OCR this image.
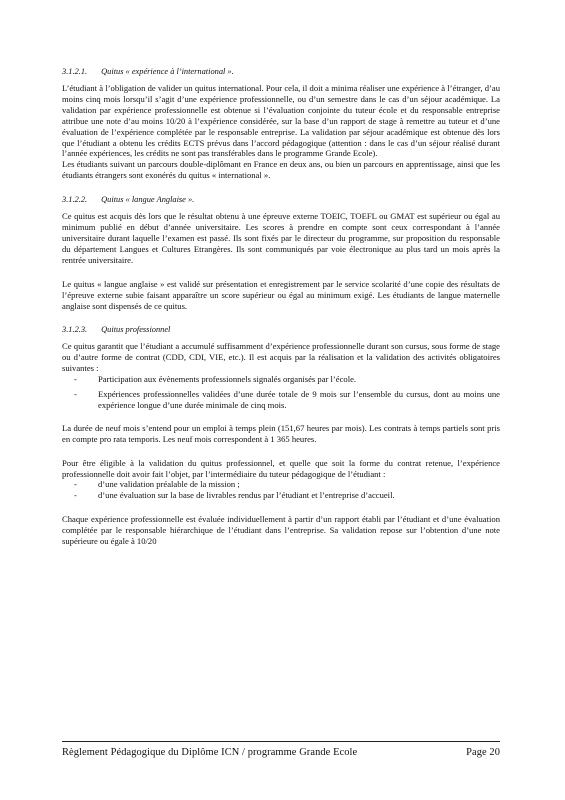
3.1.2.1. Quitus « expérience à l’international ».

L’étudiant à l’obligation de valider un quitus international. Pour cela, il doit a minima réaliser une expérience à l’étranger, d’au moins cinq mois lorsqu’il s’agit d’une expérience professionnelle, ou d’un semestre dans le cas d’un séjour académique. La validation par expérience professionnelle est obtenue si l’évaluation conjointe du tuteur école et du responsable entreprise attribue une note d’au moins 10/20 à l’expérience considérée, sur la base d’un rapport de stage à remettre au tuteur et d’une évaluation de l’expérience complétée par le responsable entreprise. La validation par séjour académique est obtenue dès lors que l’étudiant a obtenu les crédits ECTS prévus dans l’accord pédagogique (attention : dans le cas d’un séjour réalisé durant l’année expériences, les crédits ne sont pas transférables dans le programme Grande Ecole).

Les étudiants suivant un parcours double-diplômant en France en deux ans, ou bien un parcours en apprentissage, ainsi que les étudiants étrangers sont exonérés du quitus « international ».

3.1.2.2. Quitus « langue Anglaise ».

Ce quitus est acquis dès lors que le résultat obtenu à une épreuve externe TOEIC, TOEFL ou GMAT est supérieur ou égal au minimum publié en début d’année universitaire. Les scores à prendre en compte sont ceux correspondant à l’année universitaire durant laquelle l’examen est passé. Ils sont fixés par le directeur du programme, sur proposition du responsable du département Langues et Cultures Etrangères. Ils sont communiqués par voie électronique au plus tard un mois après la rentrée universitaire.

Le quitus « langue anglaise » est validé sur présentation et enregistrement par le service scolarité d’une copie des résultats de l’épreuve externe subie faisant apparaître un score supérieur ou égal au minimum exigé. Les étudiants de langue maternelle anglaise sont dispensés de ce quitus.

3.1.2.3. Quitus professionnel

Ce quitus garantit que l’étudiant a accumulé suffisamment d’expérience professionnelle durant son cursus, sous forme de stage ou d’autre forme de contrat (CDD, CDI, VIE, etc.). Il est acquis par la réalisation et la validation des activités obligatoires suivantes :

- Participation aux évènements professionnels signalés organisés par l’école.
- Expériences professionnelles validées d’une durée totale de 9 mois sur l’ensemble du cursus, dont au moins une expérience longue d’une durée minimale de cinq mois.

La durée de neuf mois s’entend pour un emploi à temps plein (151,67 heures par mois). Les contrats à temps partiels sont pris en compte pro rata temporis. Les neuf mois correspondent à 1 365 heures.

Pour être éligible à la validation du quitus professionnel, et quelle que soit la forme du contrat retenue, l’expérience professionnelle doit avoir fait l’objet, par l’intermédiaire du tuteur pédagogique de l’étudiant :

- d’une validation préalable de la mission ;
- d’une évaluation sur la base de livrables rendus par l’étudiant et l’entreprise d’accueil.

Chaque expérience professionnelle est évaluée individuellement à partir d’un rapport établi par l’étudiant et d’une évaluation complétée par le responsable hiérarchique de l’étudiant dans l’entreprise. Sa validation repose sur l’obtention d’une note supérieure ou égale à 10/20

Règlement Pédagogique du Diplôme ICN / programme Grande Ecole	Page 20
